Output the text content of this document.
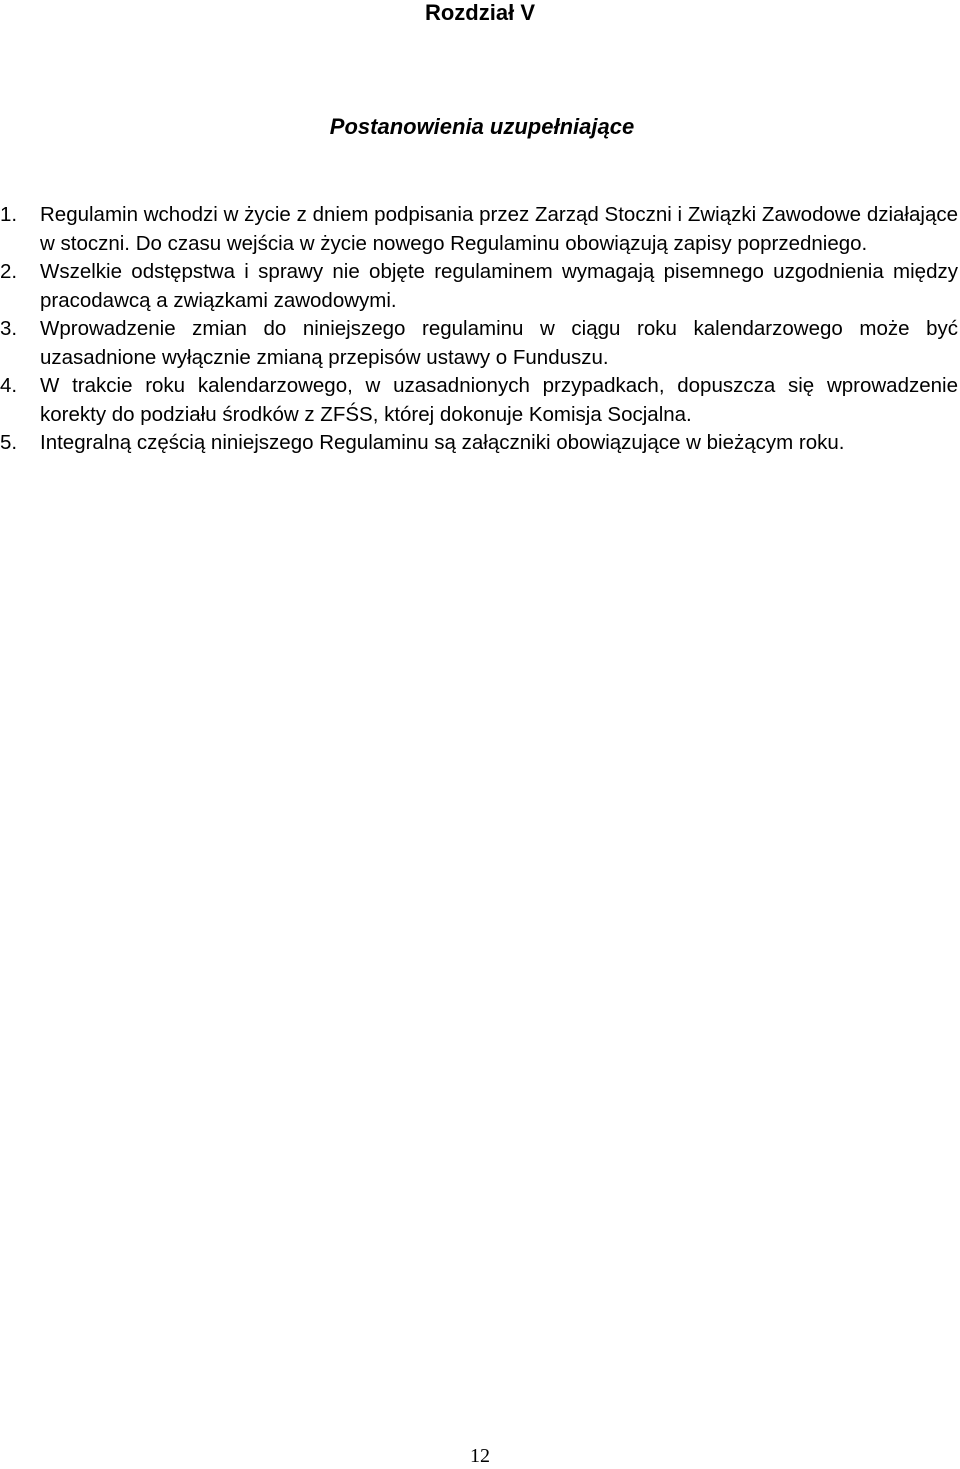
Rozdział V
Postanowienia uzupełniające
1.	Regulamin wchodzi w życie z dniem podpisania przez Zarząd Stoczni i Związki Zawodowe działające w stoczni. Do czasu wejścia w życie nowego Regulaminu obowiązują zapisy poprzedniego.
2.	Wszelkie odstępstwa i sprawy nie objęte regulaminem wymagają pisemnego uzgodnienia między pracodawcą a związkami zawodowymi.
3.	Wprowadzenie zmian do niniejszego regulaminu w ciągu roku kalendarzowego może być uzasadnione wyłącznie zmianą przepisów ustawy o Funduszu.
4.	W trakcie roku kalendarzowego, w uzasadnionych przypadkach, dopuszcza się wprowadzenie korekty do podziału środków z ZFŚS, której dokonuje Komisja Socjalna.
5.	Integralną częścią niniejszego Regulaminu są załączniki obowiązujące w bieżącym roku.
12
